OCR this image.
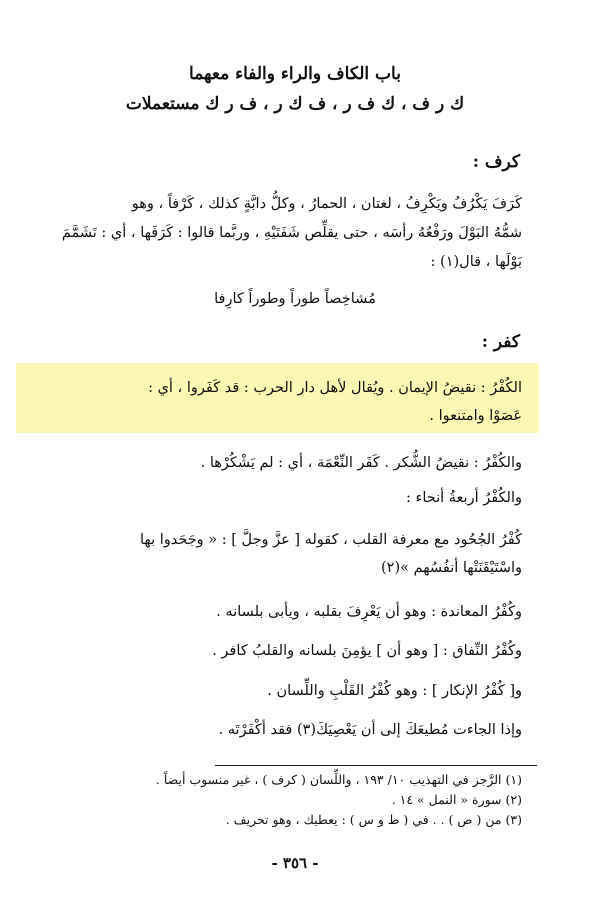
باب الكاف والراء والفاء معهما
ك ر ف ، ك ف ر ، ف ك ر ، ف ر ك مستعملات
كرف :
كَرَفَ يَكْرُفُ ويَكْرِفُ ، لغتان ، الحمارُ ، وكلُّ دابَّةٍ كذلك ، كَرْفاً ، وهو
شمُّهُ البَوْلَ ورَفْعُهُ رأسَه ، حتى يقلِّص شَفَتَيْهِ ، وربَّما قالوا : كَرَفَها ، أي : تَشَمَّمَ
بَوْلَها ، قال(١) :
مُشاخِصاً طوراً وطوراً كارِفا
كفر :
الكُفْرُ : نقيضُ الإيمان . ويُقال لأهل دار الحرب : قد كَفَروا ، أي :
عَصَوْا وامتنعوا .
والكُفْرُ : نقيضُ الشُّكر . كَفَر النِّعْمَة ، أي : لم يَشْكُرْها .
والكُفْرُ أربعةُ أنحاء :
كُفْرُ الجُحُود مع معرفة القلب ، كقوله [ عزَّ وجلَّ ] : « وجَحَدوا بها
واسْتَيْقَنَتْها أنفُسُهم »(٢)
وكُفْرُ المعاندة : وهو أن يَعْرِفَ بقلبه ، ويأبى بلسانه .
وكُفْرُ النِّفاق : [ وهو أن ] يؤمِنَ بلسانه والقلبُ كافر .
و[ كُفْرُ الإنكار ] : وهو كُفْرُ القَلْبِ واللِّسان .
وإذا الجاءت مُطيعَكَ إلى أن يَعْصِيَكَ(٣) فقد أكْفَرْتَه .
(١) الرَّجز في التهذيب ١٠/ ١٩٣ ، واللِّسان ( كرف ) ، غير منسوب أيضاً .
(٢) سورة « النمل » ١٤ .
(٣) من ( ص ) . . في ( ط و س ) : يعطيك ، وهو تحريف .
- ٣٥٦ -
